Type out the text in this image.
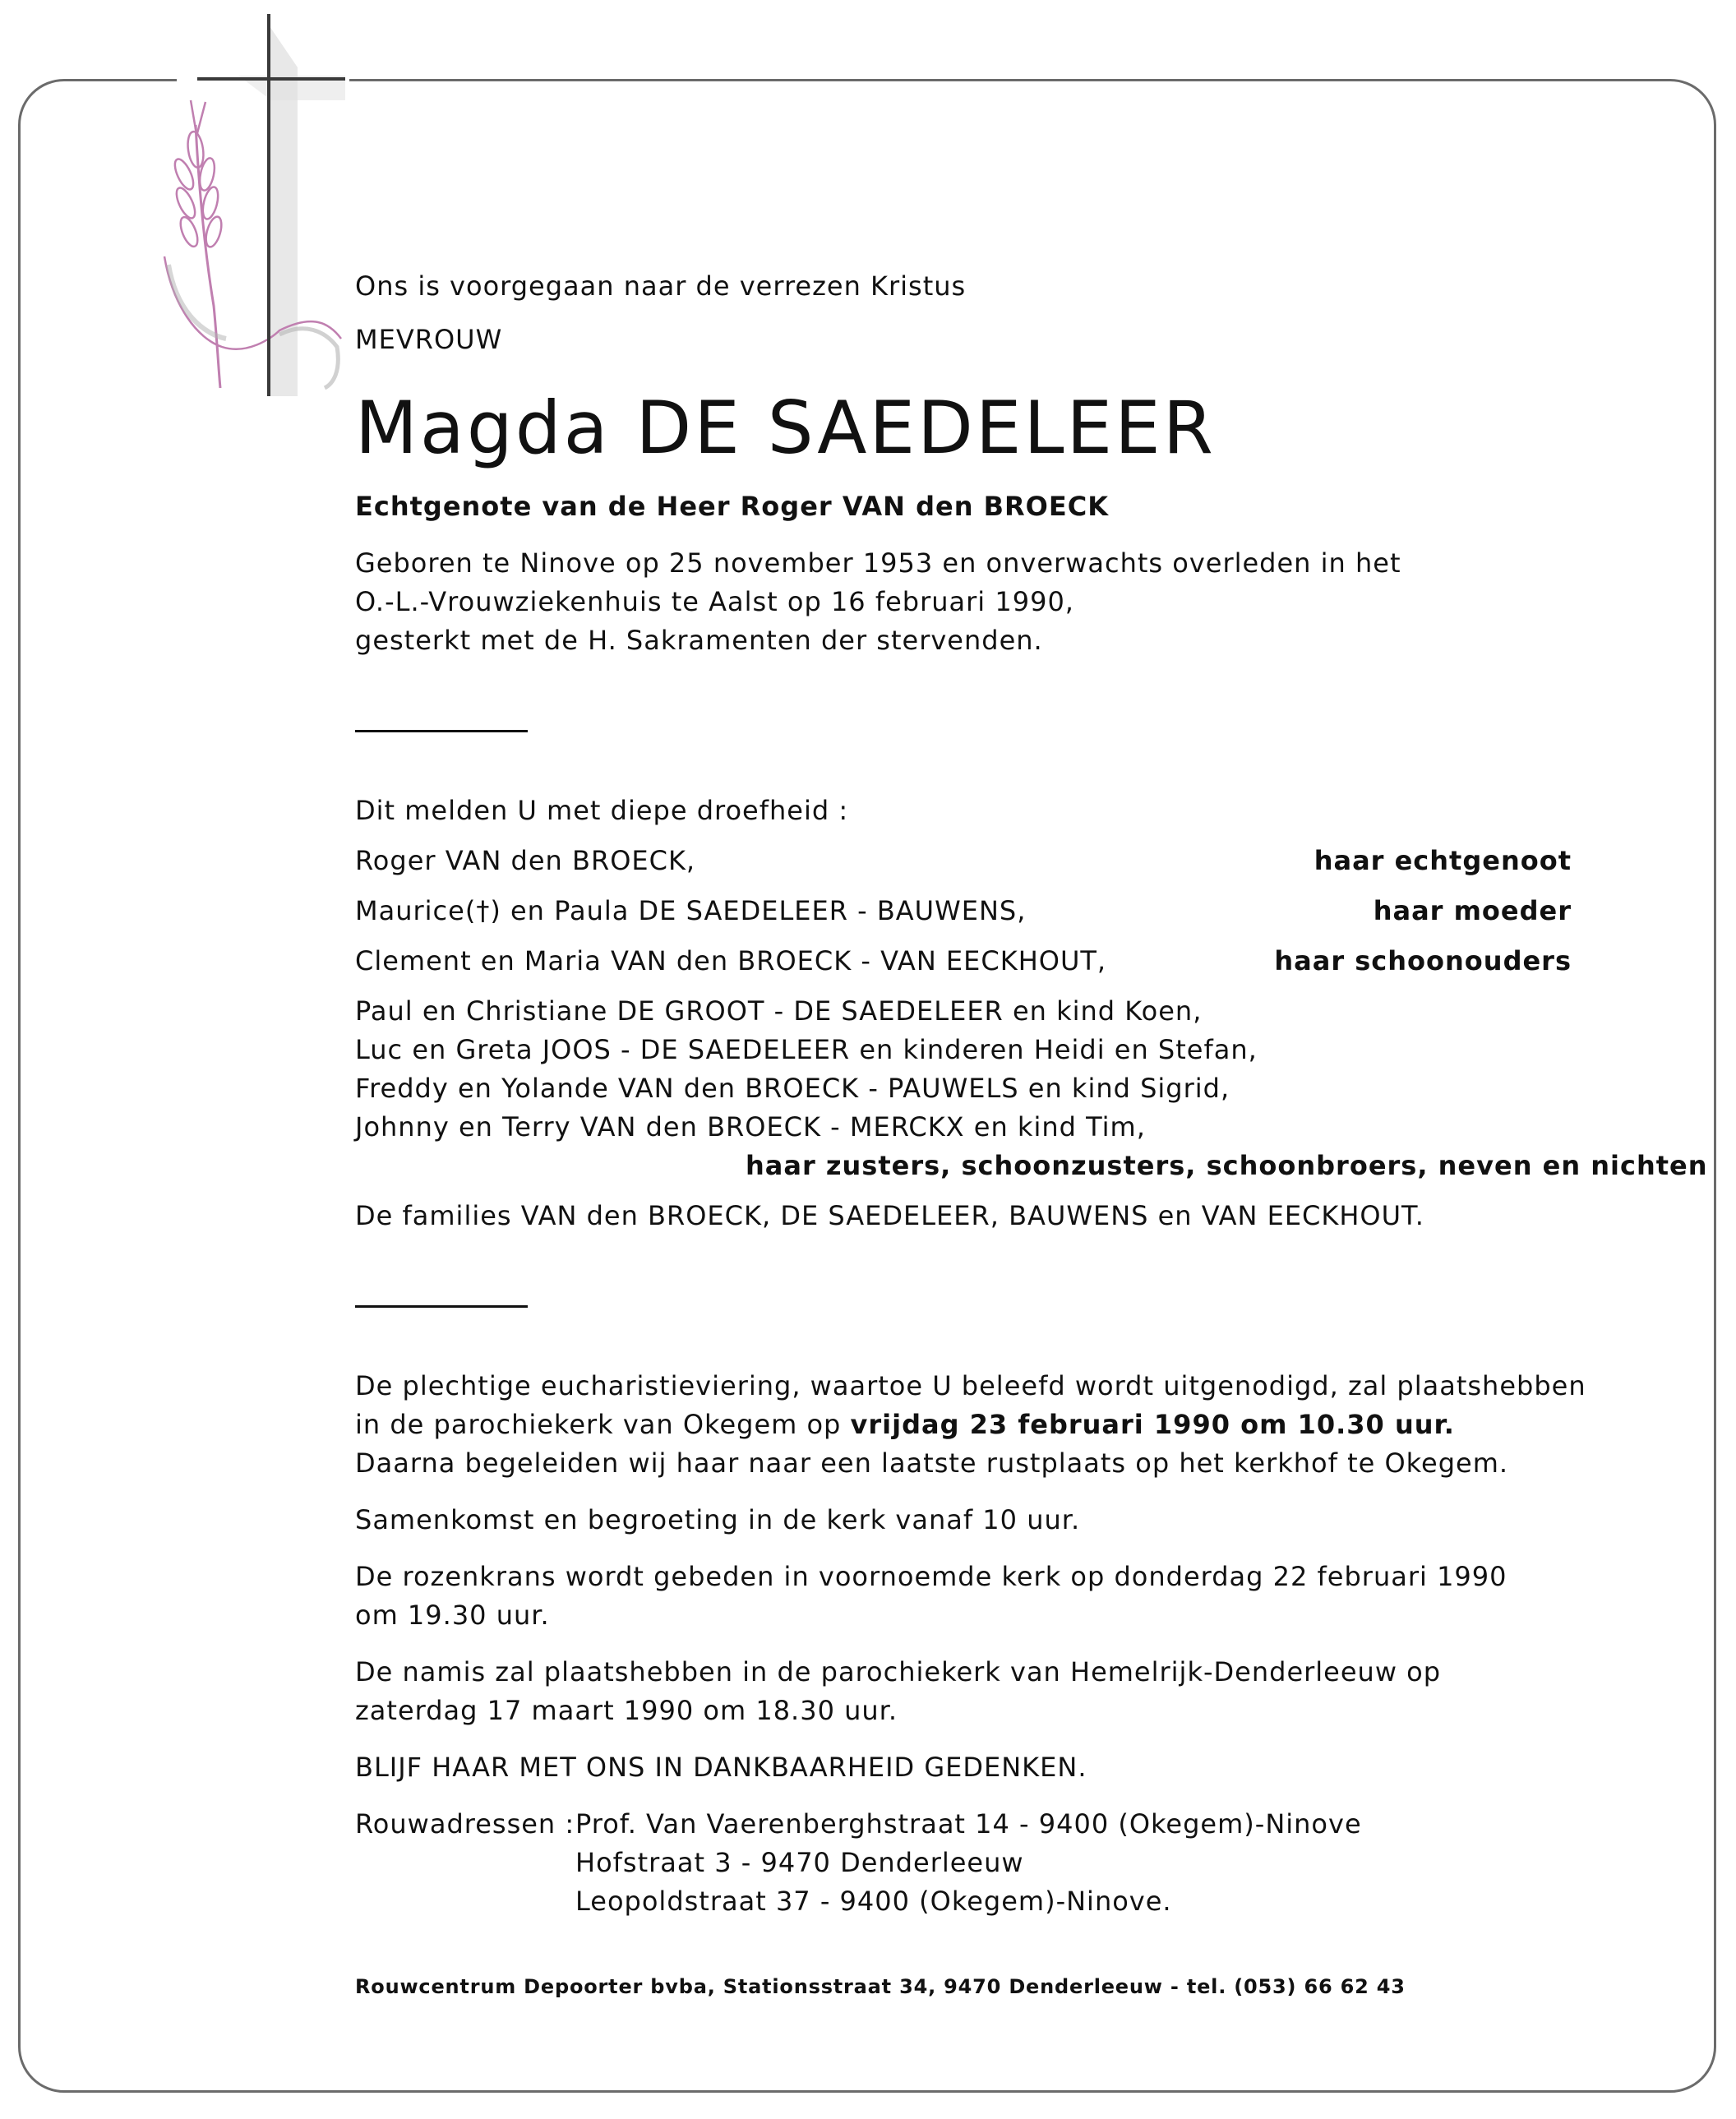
Ons is voorgegaan naar de verrezen Kristus

MEVROUW

Magda DE SAEDELEER

Echtgenote van de Heer Roger VAN den BROECK

Geboren te Ninove op 25 november 1953 en onverwachts overleden in het

O.-L.-Vrouwziekenhuis te Aalst op 16 februari 1990,

gesterkt met de H. Sakramenten der stervenden.

Dit melden U met diepe droefheid :

Roger VAN den BROECK,	haar echtgenoot
Maurice(†) en Paula DE SAEDELEER - BAUWENS,	haar moeder
Clement en Maria VAN den BROECK - VAN EECKHOUT,	haar schoonouders

Paul en Christiane DE GROOT - DE SAEDELEER en kind Koen,

Luc en Greta JOOS - DE SAEDELEER en kinderen Heidi en Stefan,

Freddy en Yolande VAN den BROECK - PAUWELS en kind Sigrid,

Johnny en Terry VAN den BROECK - MERCKX en kind Tim,

haar zusters, schoonzusters, schoonbroers, neven en nichten

De families VAN den BROECK, DE SAEDELEER, BAUWENS en VAN EECKHOUT.

De plechtige eucharistieviering, waartoe U beleefd wordt uitgenodigd, zal plaatshebben

in de parochiekerk van Okegem op vrijdag 23 februari 1990 om 10.30 uur.

Daarna begeleiden wij haar naar een laatste rustplaats op het kerkhof te Okegem.

Samenkomst en begroeting in de kerk vanaf 10 uur.

De rozenkrans wordt gebeden in voornoemde kerk op donderdag 22 februari 1990

om 19.30 uur.

De namis zal plaatshebben in de parochiekerk van Hemelrijk-Denderleeuw op

zaterdag 17 maart 1990 om 18.30 uur.

BLIJF HAAR MET ONS IN DANKBAARHEID GEDENKEN.

Rouwadressen : Prof. Van Vaerenberghstraat 14 - 9400 (Okegem)-Ninove
Hofstraat 3 - 9470 Denderleeuw
Leopoldstraat 37 - 9400 (Okegem)-Ninove.
Rouwcentrum Depoorter bvba, Stationsstraat 34, 9470 Denderleeuw - tel. (053) 66 62 43
